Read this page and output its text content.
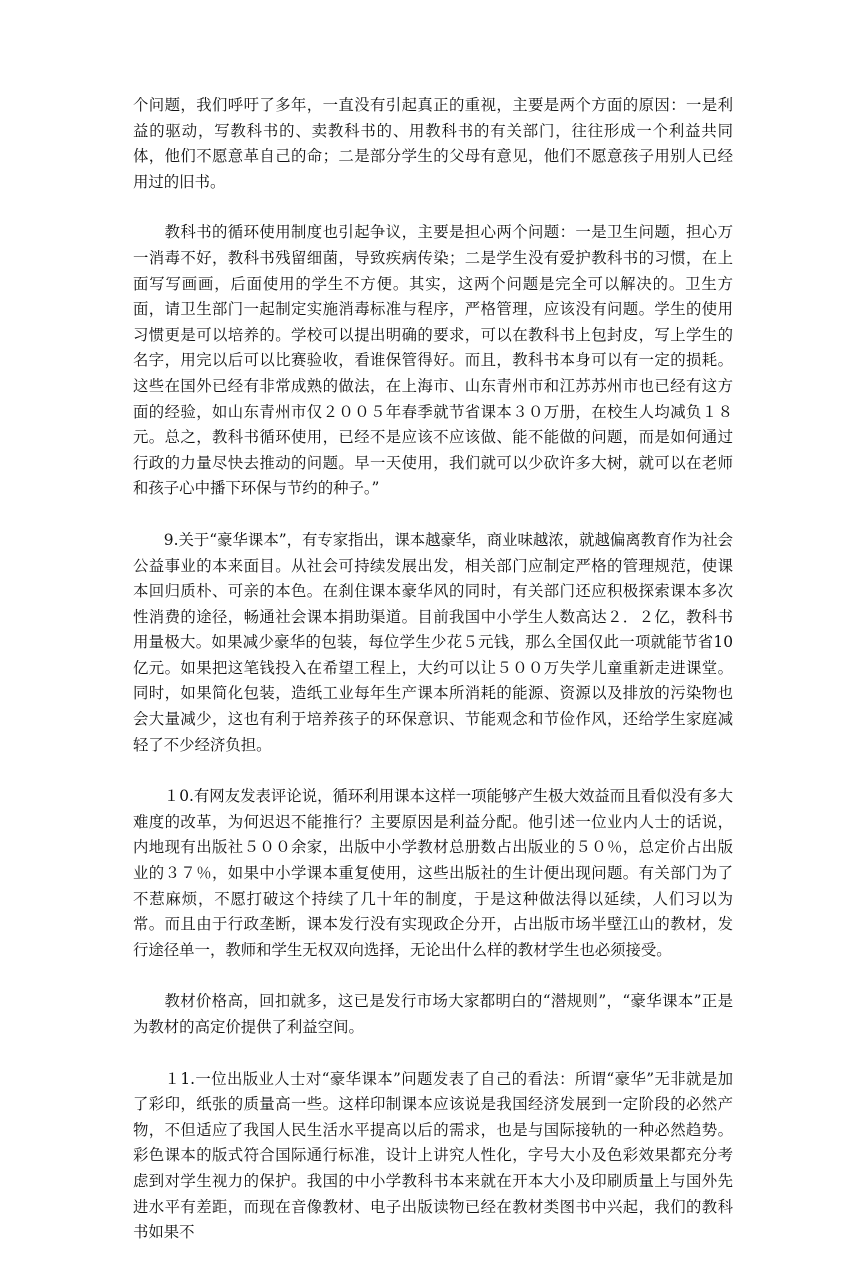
个问题，我们呼吁了多年，一直没有引起真正的重视，主要是两个方面的原因：一是利益的驱动，写教科书的、卖教科书的、用教科书的有关部门，往往形成一个利益共同体，他们不愿意革自己的命；二是部分学生的父母有意见，他们不愿意孩子用别人已经用过的旧书。

　　教科书的循环使用制度也引起争议，主要是担心两个问题：一是卫生问题，担心万一消毒不好，教科书残留细菌，导致疾病传染；二是学生没有爱护教科书的习惯，在上面写写画画，后面使用的学生不方便。其实，这两个问题是完全可以解决的。卫生方面，请卫生部门一起制定实施消毒标准与程序，严格管理，应该没有问题。学生的使用习惯更是可以培养的。学校可以提出明确的要求，可以在教科书上包封皮，写上学生的名字，用完以后可以比赛验收，看谁保管得好。而且，教科书本身可以有一定的损耗。这些在国外已经有非常成熟的做法，在上海市、山东青州市和江苏苏州市也已经有这方面的经验，如山东青州市仅２００５年春季就节省课本３０万册，在校生人均减负１８元。总之，教科书循环使用，已经不是应该不应该做、能不能做的问题，而是如何通过行政的力量尽快去推动的问题。早一天使用，我们就可以少砍许多大树，就可以在老师和孩子心中播下环保与节约的种子。”

　　9.关于“豪华课本”，有专家指出，课本越豪华，商业味越浓，就越偏离教育作为社会公益事业的本来面目。从社会可持续发展出发，相关部门应制定严格的管理规范，使课本回归质朴、可亲的本色。在刹住课本豪华风的同时，有关部门还应积极探索课本多次性消费的途径，畅通社会课本捐助渠道。目前我国中小学生人数高达２．２亿，教科书用量极大。如果减少豪华的包装，每位学生少花５元钱，那么全国仅此一项就能节省10亿元。如果把这笔钱投入在希望工程上，大约可以让５００万失学儿童重新走进课堂。同时，如果简化包装，造纸工业每年生产课本所消耗的能源、资源以及排放的污染物也会大量减少，这也有利于培养孩子的环保意识、节能观念和节俭作风，还给学生家庭减轻了不少经济负担。

　　１0.有网友发表评论说，循环利用课本这样一项能够产生极大效益而且看似没有多大难度的改革，为何迟迟不能推行？主要原因是利益分配。他引述一位业内人士的话说，内地现有出版社５００余家，出版中小学教材总册数占出版业的５０％，总定价占出版业的３７％，如果中小学课本重复使用，这些出版社的生计便出现问题。有关部门为了不惹麻烦，不愿打破这个持续了几十年的制度，于是这种做法得以延续，人们习以为常。而且由于行政垄断，课本发行没有实现政企分开，占出版市场半壁江山的教材，发行途径单一，教师和学生无权双向选择，无论出什么样的教材学生也必须接受。

　　教材价格高，回扣就多，这已是发行市场大家都明白的“潜规则”，“豪华课本”正是为教材的高定价提供了利益空间。

　　１1.一位出版业人士对“豪华课本”问题发表了自己的看法：所谓“豪华”无非就是加了彩印，纸张的质量高一些。这样印制课本应该说是我国经济发展到一定阶段的必然产物，不但适应了我国人民生活水平提高以后的需求，也是与国际接轨的一种必然趋势。彩色课本的版式符合国际通行标准，设计上讲究人性化，字号大小及色彩效果都充分考虑到对学生视力的保护。我国的中小学教科书本来就在开本大小及印刷质量上与国外先进水平有差距，而现在音像教材、电子出版读物已经在教材类图书中兴起，我们的教科书如果不
